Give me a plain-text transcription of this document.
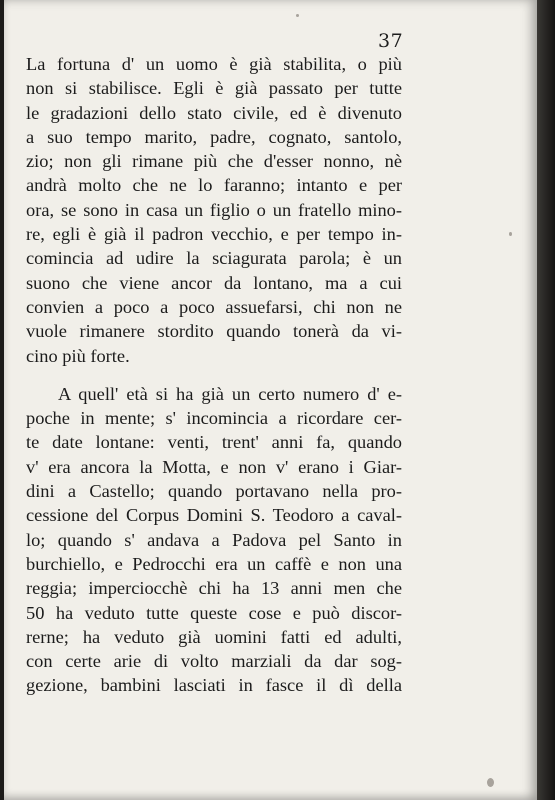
37
La fortuna d' un uomo è già stabilita, o più
non si stabilisce. Egli è già passato per tutte
le gradazioni dello stato civile, ed è divenuto
a suo tempo marito, padre, cognato, santolo,
zio; non gli rimane più che d'esser nonno, nè
andrà molto che ne lo faranno; intanto e per
ora, se sono in casa un figlio o un fratello mino-
re, egli è già il padron vecchio, e per tempo in-
comincia ad udire la sciagurata parola; è un
suono che viene ancor da lontano, ma a cui
convien a poco a poco assuefarsi, chi non ne
vuole rimanere stordito quando tonerà da vi-
cino più forte.
A quell' età si ha già un certo numero d' e-
poche in mente; s' incomincia a ricordare cer-
te date lontane: venti, trent' anni fa, quando
v' era ancora la Motta, e non v' erano i Giar-
dini a Castello; quando portavano nella pro-
cessione del Corpus Domini S. Teodoro a caval-
lo; quando s' andava a Padova pel Santo in
burchiello, e Pedrocchi era un caffè e non una
reggia; imperciocchè chi ha 13 anni men che
50 ha veduto tutte queste cose e può discor-
rerne; ha veduto già uomini fatti ed adulti,
con certe arie di volto marziali da dar sog-
gezione, bambini lasciati in fasce il dì della
